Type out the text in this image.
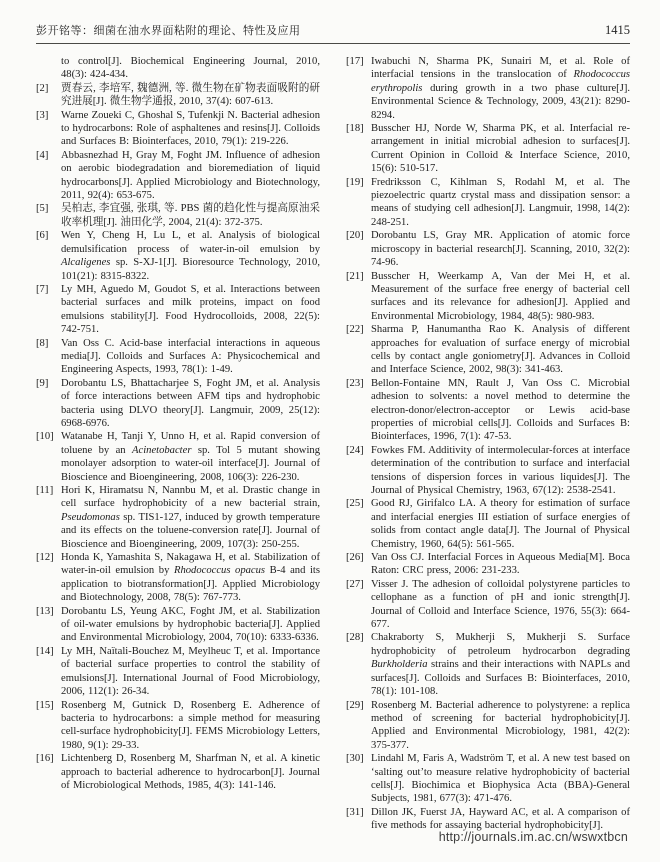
彭开铭等：细菌在油水界面粘附的理论、特性及应用	1415
to control[J]. Biochemical Engineering Journal, 2010, 48(3): 424-434.
[2]	贾春云, 李培军, 魏德洲, 等. 微生物在矿物表面吸附的研究进展[J]. 微生物学通报, 2010, 37(4): 607-613.
[3]	Warne Zoueki C, Ghoshal S, Tufenkji N. Bacterial adhesion to hydrocarbons: Role of asphaltenes and resins[J]. Colloids and Surfaces B: Biointerfaces, 2010, 79(1): 219-226.
[4]	Abbasnezhad H, Gray M, Foght JM. Influence of adhesion on aerobic biodegradation and bioremediation of liquid hydrocarbons[J]. Applied Microbiology and Biotechnology, 2011, 92(4): 653-675.
[5]	吴柏志, 李宜强, 张琪, 等. PBS 菌的趋化性与提高原油采收率机理[J]. 油田化学, 2004, 21(4): 372-375.
[6]	Wen Y, Cheng H, Lu L, et al. Analysis of biological demulsification process of water-in-oil emulsion by Alcaligenes sp. S-XJ-1[J]. Bioresource Technology, 2010, 101(21): 8315-8322.
[7]	Ly MH, Aguedo M, Goudot S, et al. Interactions between bacterial surfaces and milk proteins, impact on food emulsions stability[J]. Food Hydrocolloids, 2008, 22(5): 742-751.
[8]	Van Oss C. Acid-base interfacial interactions in aqueous media[J]. Colloids and Surfaces A: Physicochemical and Engineering Aspects, 1993, 78(1): 1-49.
[9]	Dorobantu LS, Bhattacharjee S, Foght JM, et al. Analysis of force interactions between AFM tips and hydrophobic bacteria using DLVO theory[J]. Langmuir, 2009, 25(12): 6968-6976.
[10] Watanabe H, Tanji Y, Unno H, et al. Rapid conversion of toluene by an Acinetobacter sp. Tol 5 mutant showing monolayer adsorption to water-oil interface[J]. Journal of Bioscience and Bioengineering, 2008, 106(3): 226-230.
[11] Hori K, Hiramatsu N, Nannbu M, et al. Drastic change in cell surface hydrophobicity of a new bacterial strain, Pseudomonas sp. TIS1-127, induced by growth temperature and its effects on the toluene-conversion rate[J]. Journal of Bioscience and Bioengineering, 2009, 107(3): 250-255.
[12] Honda K, Yamashita S, Nakagawa H, et al. Stabilization of water-in-oil emulsion by Rhodococcus opacus B-4 and its application to biotransformation[J]. Applied Microbiology and Biotechnology, 2008, 78(5): 767-773.
[13] Dorobantu LS, Yeung AKC, Foght JM, et al. Stabilization of oil-water emulsions by hydrophobic bacteria[J]. Applied and Environmental Microbiology, 2004, 70(10): 6333-6336.
[14] Ly MH, Naïtali-Bouchez M, Meylheuc T, et al. Importance of bacterial surface properties to control the stability of emulsions[J]. International Journal of Food Microbiology, 2006, 112(1): 26-34.
[15] Rosenberg M, Gutnick D, Rosenberg E. Adherence of bacteria to hydrocarbons: a simple method for measuring cell-surface hydrophobicity[J]. FEMS Microbiology Letters, 1980, 9(1): 29-33.
[16] Lichtenberg D, Rosenberg M, Sharfman N, et al. A kinetic approach to bacterial adherence to hydrocarbon[J]. Journal of Microbiological Methods, 1985, 4(3): 141-146.
[17] Iwabuchi N, Sharma PK, Sunairi M, et al. Role of interfacial tensions in the translocation of Rhodococcus erythropolis during growth in a two phase culture[J]. Environmental Science & Technology, 2009, 43(21): 8290-8294.
[18] Busscher HJ, Norde W, Sharma PK, et al. Interfacial re-arrangement in initial microbial adhesion to surfaces[J]. Current Opinion in Colloid & Interface Science, 2010, 15(6): 510-517.
[19] Fredriksson C, Kihlman S, Rodahl M, et al. The piezoelectric quartz crystal mass and dissipation sensor: a means of studying cell adhesion[J]. Langmuir, 1998, 14(2): 248-251.
[20] Dorobantu LS, Gray MR. Application of atomic force microscopy in bacterial research[J]. Scanning, 2010, 32(2): 74-96.
[21] Busscher H, Weerkamp A, Van der Mei H, et al. Measurement of the surface free energy of bacterial cell surfaces and its relevance for adhesion[J]. Applied and Environmental Microbiology, 1984, 48(5): 980-983.
[22] Sharma P, Hanumantha Rao K. Analysis of different approaches for evaluation of surface energy of microbial cells by contact angle goniometry[J]. Advances in Colloid and Interface Science, 2002, 98(3): 341-463.
[23] Bellon-Fontaine MN, Rault J, Van Oss C. Microbial adhesion to solvents: a novel method to determine the electron-donor/electron-acceptor or Lewis acid-base properties of microbial cells[J]. Colloids and Surfaces B: Biointerfaces, 1996, 7(1): 47-53.
[24] Fowkes FM. Additivity of intermolecular-forces at interface determination of the contribution to surface and interfacial tensions of dispersion forces in various liquides[J]. The Journal of Physical Chemistry, 1963, 67(12): 2538-2541.
[25] Good RJ, Girifalco LA. A theory for estimation of surface and interfacial energies III estiation of surface energies of solids from contact angle data[J]. The Journal of Physical Chemistry, 1960, 64(5): 561-565.
[26] Van Oss CJ. Interfacial Forces in Aqueous Media[M]. Boca Raton: CRC press, 2006: 231-233.
[27] Visser J. The adhesion of colloidal polystyrene particles to cellophane as a function of pH and ionic strength[J]. Journal of Colloid and Interface Science, 1976, 55(3): 664-677.
[28] Chakraborty S, Mukherji S, Mukherji S. Surface hydrophobicity of petroleum hydrocarbon degrading Burkholderia strains and their interactions with NAPLs and surfaces[J]. Colloids and Surfaces B: Biointerfaces, 2010, 78(1): 101-108.
[29] Rosenberg M. Bacterial adherence to polystyrene: a replica method of screening for bacterial hydrophobicity[J]. Applied and Environmental Microbiology, 1981, 42(2): 375-377.
[30] Lindahl M, Faris A, Wadström T, et al. A new test based on ‘salting out’to measure relative hydrophobicity of bacterial cells[J]. Biochimica et Biophysica Acta (BBA)-General Subjects, 1981, 677(3): 471-476.
[31] Dillon JK, Fuerst JA, Hayward AC, et al. A comparison of five methods for assaying bacterial hydrophobicity[J].
http://journals.im.ac.cn/wswxtbcn
